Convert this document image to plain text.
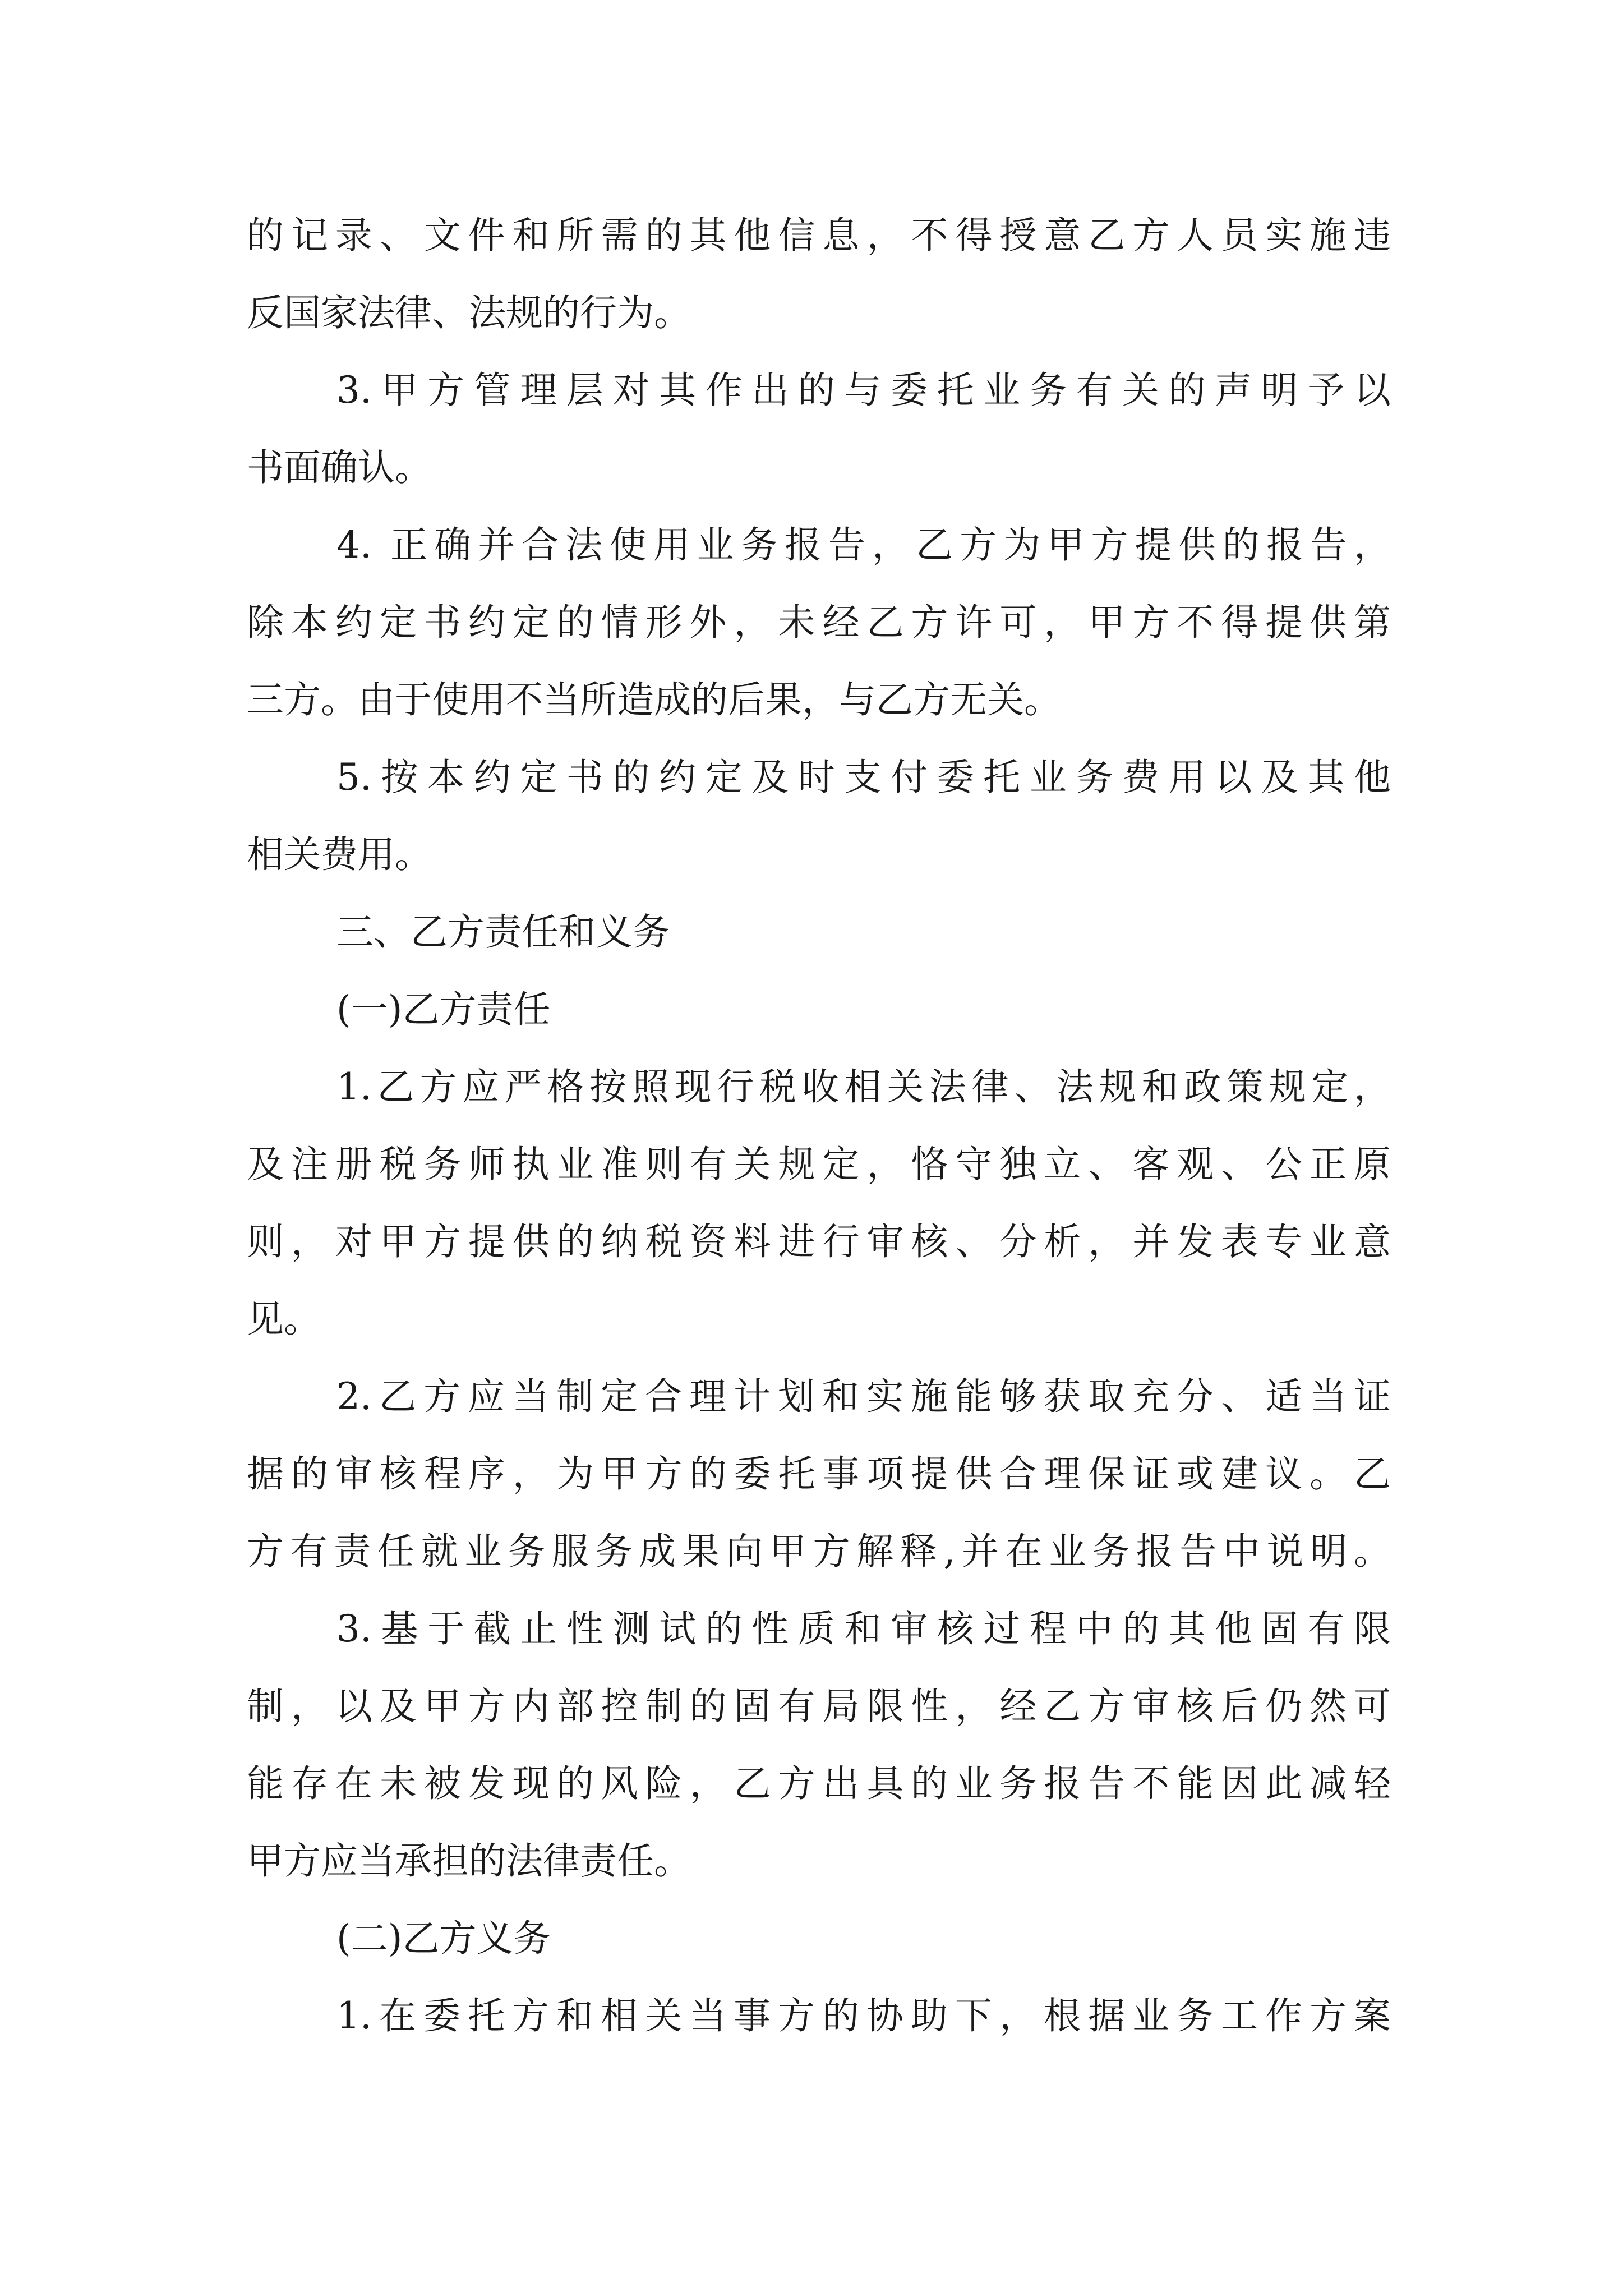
的记录、文件和所需的其他信息，不得授意乙方人员实施违
反国家法律、法规的行为。
3.甲方管理层对其作出的与委托业务有关的声明予以
书面确认。
4. 正确并合法使用业务报告，乙方为甲方提供的报告，
除本约定书约定的情形外，未经乙方许可，甲方不得提供第
三方。由于使用不当所造成的后果，与乙方无关。
5.按本约定书的约定及时支付委托业务费用以及其他
相关费用。
三、乙方责任和义务
(一)乙方责任
1.乙方应严格按照现行税收相关法律、法规和政策规定，
及注册税务师执业准则有关规定，恪守独立、客观、公正原
则，对甲方提供的纳税资料进行审核、分析，并发表专业意
见。
2.乙方应当制定合理计划和实施能够获取充分、适当证
据的审核程序，为甲方的委托事项提供合理保证或建议。乙
方有责任就业务服务成果向甲方解释,并在业务报告中说明。
3.基于截止性测试的性质和审核过程中的其他固有限
制，以及甲方内部控制的固有局限性，经乙方审核后仍然可
能存在未被发现的风险，乙方出具的业务报告不能因此减轻
甲方应当承担的法律责任。
(二)乙方义务
1.在委托方和相关当事方的协助下，根据业务工作方案
